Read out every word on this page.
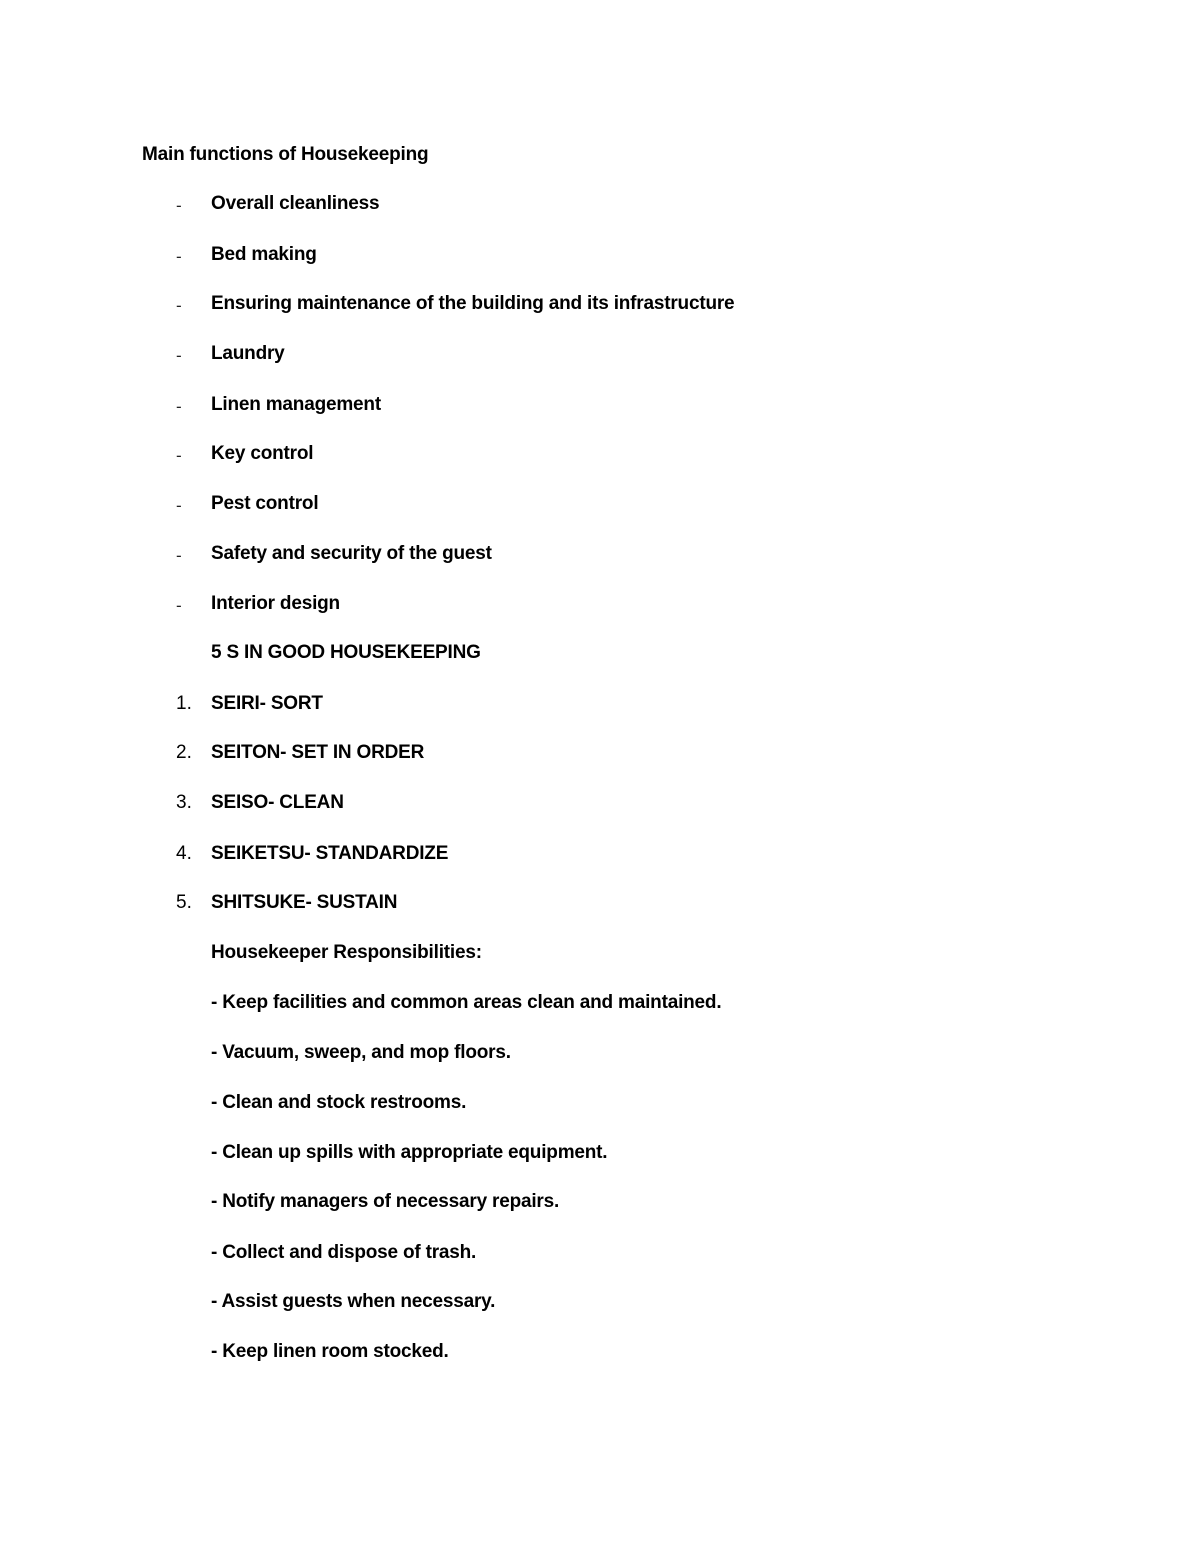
Main functions of Housekeeping
- Overall cleanliness
- Bed making
- Ensuring maintenance of the building and its infrastructure
- Laundry
- Linen management
- Key control
- Pest control
- Safety and security of the guest
- Interior design
5 S IN GOOD HOUSEKEEPING
1. SEIRI- SORT
2. SEITON- SET IN ORDER
3. SEISO- CLEAN
4. SEIKETSU- STANDARDIZE
5. SHITSUKE- SUSTAIN
Housekeeper Responsibilities:
- Keep facilities and common areas clean and maintained.
- Vacuum, sweep, and mop floors.
- Clean and stock restrooms.
- Clean up spills with appropriate equipment.
- Notify managers of necessary repairs.
- Collect and dispose of trash.
- Assist guests when necessary.
- Keep linen room stocked.
